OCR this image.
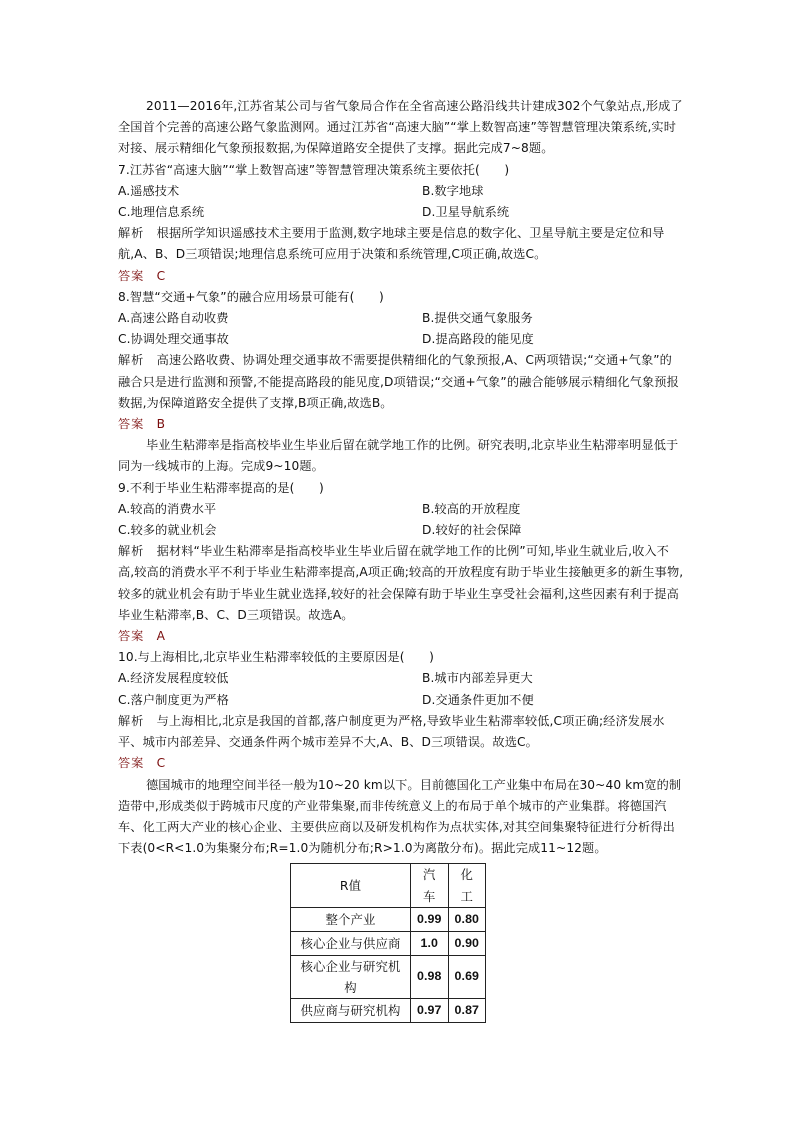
2011—2016年,江苏省某公司与省气象局合作在全省高速公路沿线共计建成302个气象站点,形成了全国首个完善的高速公路气象监测网。通过江苏省“高速大脑”“掌上数智高速”等智慧管理决策系统,实时对接、展示精细化气象预报数据,为保障道路安全提供了支撑。据此完成7~8题。

7.江苏省“高速大脑”“掌上数智高速”等智慧管理决策系统主要依托(　　)

A.遥感技术	B.数字地球
C.地理信息系统	D.卫星导航系统

解析  根据所学知识遥感技术主要用于监测,数字地球主要是信息的数字化、卫星导航主要是定位和导航,A、B、D三项错误;地理信息系统可应用于决策和系统管理,C项正确,故选C。

答案  C

8.智慧“交通+气象”的融合应用场景可能有(　　)

A.高速公路自动收费	B.提供交通气象服务
C.协调处理交通事故	D.提高路段的能见度

解析  高速公路收费、协调处理交通事故不需要提供精细化的气象预报,A、C两项错误;“交通+气象”的融合只是进行监测和预警,不能提高路段的能见度,D项错误;“交通+气象”的融合能够展示精细化气象预报数据,为保障道路安全提供了支撑,B项正确,故选B。

答案  B

毕业生粘滞率是指高校毕业生毕业后留在就学地工作的比例。研究表明,北京毕业生粘滞率明显低于同为一线城市的上海。完成9~10题。

9.不利于毕业生粘滞率提高的是(　　)

A.较高的消费水平	B.较高的开放程度
C.较多的就业机会	D.较好的社会保障

解析  据材料“毕业生粘滞率是指高校毕业生毕业后留在就学地工作的比例”可知,毕业生就业后,收入不高,较高的消费水平不利于毕业生粘滞率提高,A项正确;较高的开放程度有助于毕业生接触更多的新生事物,较多的就业机会有助于毕业生就业选择,较好的社会保障有助于毕业生享受社会福利,这些因素有利于提高毕业生粘滞率,B、C、D三项错误。故选A。

答案  A

10.与上海相比,北京毕业生粘滞率较低的主要原因是(　　)

A.经济发展程度较低	B.城市内部差异更大
C.落户制度更为严格	D.交通条件更加不便

解析  与上海相比,北京是我国的首都,落户制度更为严格,导致毕业生粘滞率较低,C项正确;经济发展水平、城市内部差异、交通条件两个城市差异不大,A、B、D三项错误。故选C。

答案  C

德国城市的地理空间半径一般为10~20 km以下。目前德国化工产业集中布局在30~40 km宽的制造带中,形成类似于跨城市尺度的产业带集聚,而非传统意义上的布局于单个城市的产业集群。将德国汽车、化工两大产业的核心企业、主要供应商以及研发机构作为点状实体,对其空间集聚特征进行分析得出下表(0<R<1.0为集聚分布;R=1.0为随机分布;R>1.0为离散分布)。据此完成11~12题。

R值	汽车	化工
整个产业	0.99	0.80
核心企业与供应商	1.0	0.90
核心企业与研究机构	0.98	0.69
供应商与研究机构	0.97	0.87
